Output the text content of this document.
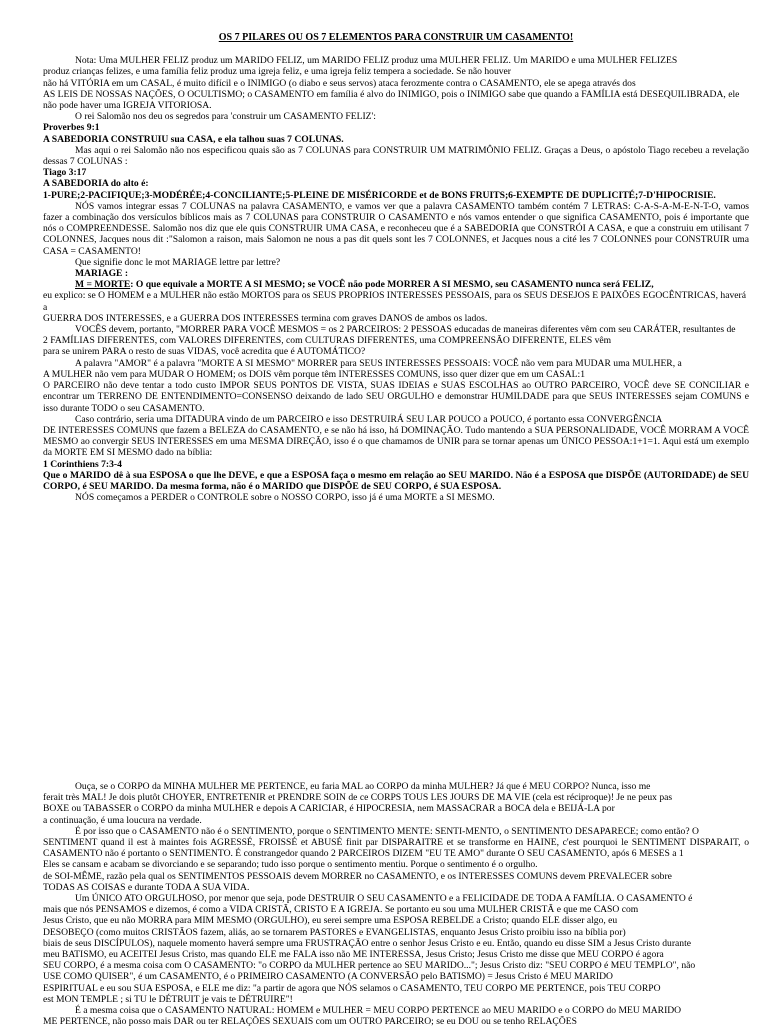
OS 7 PILARES OU OS 7 ELEMENTOS PARA CONSTRUIR UM CASAMENTO!

Nota: Uma MULHER FELIZ produz um MARIDO FELIZ, um MARIDO FELIZ produz uma MULHER FELIZ. Um MARIDO e uma MULHER FELIZES

produz crianças felizes, e uma família feliz produz uma igreja feliz, e uma igreja feliz tempera a sociedade. Se não houver

não há VITÓRIA em um CASAL, é muito difícil e o INIMIGO (o diabo e seus servos) ataca ferozmente contra o CASAMENTO, ele se apega através dos

AS LEIS DE NOSSAS NAÇÕES, O OCULTISMO; o CASAMENTO em família é alvo do INIMIGO, pois o INIMIGO sabe que quando a FAMÍLIA está DESEQUILIBRADA, ele

não pode haver uma IGREJA VITORIOSA.

O rei Salomão nos deu os segredos para 'construir um CASAMENTO FELIZ':

Proverbes 9:1

A SABEDORIA CONSTRUIU sua CASA, e ela talhou suas 7 COLUNAS.

Mas aqui o rei Salomão não nos especificou quais são as 7 COLUNAS para CONSTRUIR UM MATRIMÔNIO FELIZ. Graças a Deus, o apóstolo Tiago recebeu a revelação dessas 7 COLUNAS :

Tiago 3:17

A SABEDORIA do alto é:

1-PURE;2-PACIFIQUE;3-MODÉRÉE;4-CONCILIANTE;5-PLEINE DE MISÉRICORDE et de BONS FRUITS;6-EXEMPTE DE DUPLICITÉ;7-D'HIPOCRISIE.

NÓS vamos integrar essas 7 COLUNAS na palavra CASAMENTO, e vamos ver que a palavra CASAMENTO também contém 7 LETRAS: C-A-S-A-M-E-N-T-O, vamos fazer a combinação dos versículos bíblicos mais as 7 COLUNAS para CONSTRUIR O CASAMENTO e nós vamos entender o que significa CASAMENTO, pois é importante que nós o COMPREENDESSE. Salomão nos diz que ele quis CONSTRUIR UMA CASA, e reconheceu que é a SABEDORIA que CONSTRÓI A CASA, e que a construiu em utilisant 7 COLONNES, Jacques nous dit :"Salomon a raison, mais Salomon ne nous a pas dit quels sont les 7 COLONNES, et Jacques nous a cité les 7 COLONNES pour CONSTRUIR uma CASA = CASAMENTO!

Que signifie donc le mot MARIAGE lettre par lettre?

MARIAGE :

M = MORTE: O que equivale a MORTE A SI MESMO; se VOCÊ não pode MORRER A SI MESMO, seu CASAMENTO nunca será FELIZ,

eu explico: se O HOMEM e a MULHER não estão MORTOS para os SEUS PROPRIOS INTERESSES PESSOAIS, para os SEUS DESEJOS E PAIXÕES EGOCÊNTRICAS, haverá a

GUERRA DOS INTERESSES, e a GUERRA DOS INTERESSES termina com graves DANOS de ambos os lados.

VOCÊS devem, portanto, "MORRER PARA VOCÊ MESMOS = os 2 PARCEIROS: 2 PESSOAS educadas de maneiras diferentes vêm com seu CARÁTER, resultantes de

2 FAMÍLIAS DIFERENTES, com VALORES DIFERENTES, com CULTURAS DIFERENTES, uma COMPREENSÃO DIFERENTE, ELES vêm

para se unirem PARA o resto de suas VIDAS, você acredita que é AUTOMÁTICO?

A palavra "AMOR" é a palavra "MORTE A SI MESMO" MORRER para SEUS INTERESSES PESSOAIS: VOCÊ não vem para MUDAR uma MULHER, a

A MULHER não vem para MUDAR O HOMEM; os DOIS vêm porque têm INTERESSES COMUNS, isso quer dizer que em um CASAL:1

O PARCEIRO não deve tentar a todo custo IMPOR SEUS PONTOS DE VISTA, SUAS IDEIAS e SUAS ESCOLHAS ao OUTRO PARCEIRO, VOCÊ deve SE CONCILIAR e encontrar um TERRENO DE ENTENDIMENTO=CONSENSO deixando de lado SEU ORGULHO e demonstrar HUMILDADE para que SEUS INTERESSES sejam COMUNS e isso durante TODO o seu CASAMENTO.

Caso contrário, seria uma DITADURA vindo de um PARCEIRO e isso DESTRUIRÁ SEU LAR POUCO a POUCO, é portanto essa CONVERGÊNCIA

DE INTERESSES COMUNS que fazem a BELEZA do CASAMENTO, e se não há isso, há DOMINAÇÃO. Tudo mantendo a SUA PERSONALIDADE, VOCÊ MORRAM A VOCÊ MESMO ao convergir SEUS INTERESSES em uma MESMA DIREÇÃO, isso é o que chamamos de UNIR para se tornar apenas um ÚNICO PESSOA:1+1=1. Aqui está um exemplo da MORTE EM SI MESMO dado na bíblia:

1 Corinthiens 7:3-4

Que o MARIDO dê à sua ESPOSA o que lhe DEVE, e que a ESPOSA faça o mesmo em relação ao SEU MARIDO. Não é a ESPOSA que DISPÕE (AUTORIDADE) de SEU CORPO, é SEU MARIDO. Da mesma forma, não é o MARIDO que DISPÕE de SEU CORPO, é SUA ESPOSA.

NÓS começamos a PERDER o CONTROLE sobre o NOSSO CORPO, isso já é uma MORTE a SI MESMO.

Ouça, se o CORPO da MINHA MULHER ME PERTENCE, eu faria MAL ao CORPO da minha MULHER? Já que é MEU CORPO? Nunca, isso me

ferait très MAL! Je dois plutôt CHOYER, ENTRETENIR et PRENDRE SOIN de ce CORPS TOUS LES JOURS DE MA VIE (cela est réciproque)! Je ne peux pas

BOXE ou TABASSER o CORPO da minha MULHER e depois A CARICIAR, é HIPOCRESIA, nem MASSACRAR a BOCA dela e BEIJÁ-LA por

a continuação, é uma loucura na verdade.

É por isso que o CASAMENTO não é o SENTIMENTO, porque o SENTIMENTO MENTE: SENTI-MENTO, o SENTIMENTO DESAPARECE; como então? O

SENTIMENT quand il est à maintes fois AGRESSÉ, FROISSÉ et ABUSÉ finit par DISPARAITRE et se transforme en HAINE, c'est pourquoi le SENTIMENT DISPARAIT, o CASAMENTO não é portanto o SENTIMENTO. É constrangedor quando 2 PARCEIROS DIZEM "EU TE AMO" durante O SEU CASAMENTO, após 6 MESES a 1

Eles se cansam e acabam se divorciando e se separando; tudo isso porque o sentimento mentiu. Porque o sentimento é o orgulho.

de SOI-MÊME, razão pela qual os SENTIMENTOS PESSOAIS devem MORRER no CASAMENTO, e os INTERESSES COMUNS devem PREVALECER sobre

TODAS AS COISAS e durante TODA A SUA VIDA.

Um ÚNICO ATO ORGULHOSO, por menor que seja, pode DESTRUIR O SEU CASAMENTO e a FELICIDADE DE TODA A FAMÍLIA. O CASAMENTO é

mais que nós PENSAMOS e dizemos, é como a VIDA CRISTÃ, CRISTO E A IGREJA. Se portanto eu sou uma MULHER CRISTÃ e que me CASO com

Jesus Cristo, que eu não MORRA para MIM MESMO (ORGULHO), eu serei sempre uma ESPOSA REBELDE a Cristo; quando ELE disser algo, eu

DESOBEÇO (como muitos CRISTÃOS fazem, aliás, ao se tornarem PASTORES e EVANGELISTAS, enquanto Jesus Cristo proibiu isso na bíblia por)

biais de seus DISCÍPULOS), naquele momento haverá sempre uma FRUSTRAÇÃO entre o senhor Jesus Cristo e eu. Então, quando eu disse SIM a Jesus Cristo durante

meu BATISMO, eu ACEITEI Jesus Cristo, mas quando ELE me FALA isso não ME INTERESSA, Jesus Cristo; Jesus Cristo me disse que MEU CORPO é agora

SEU CORPO, é a mesma coisa com O CASAMENTO: "o CORPO da MULHER pertence ao SEU MARIDO..."; Jesus Cristo diz: "SEU CORPO é MEU TEMPLO", não

USE COMO QUISER", é um CASAMENTO, é o PRIMEIRO CASAMENTO (A CONVERSÃO pelo BATISMO) = Jesus Cristo é MEU MARIDO

ESPIRITUAL e eu sou SUA ESPOSA, e ELE me diz: "a partir de agora que NÓS selamos o CASAMENTO, TEU CORPO ME PERTENCE, pois TEU CORPO

est MON TEMPLE ; si TU le DÉTRUIT je vais te DÉTRUIRE"!

É a mesma coisa que o CASAMENTO NATURAL: HOMEM e MULHER = MEU CORPO PERTENCE ao MEU MARIDO e o CORPO do MEU MARIDO

ME PERTENCE, não posso mais DAR ou ter RELAÇÕES SEXUAIS com um OUTRO PARCEIRO; se eu DOU ou se tenho RELAÇÕES
